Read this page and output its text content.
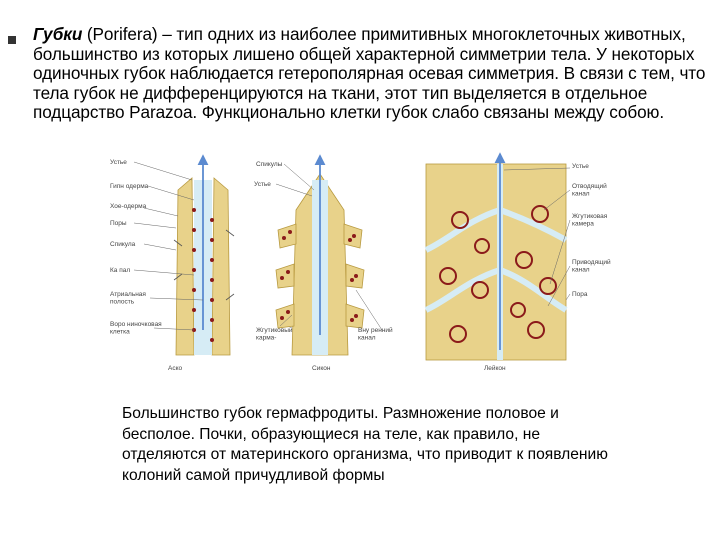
Губки (Porifera) – тип одних из наиболее примитивных многоклеточных животных, большинство из которых лишено общей характерной симметрии тела. У некоторых одиночных губок наблюдается гетерополярная осевая симметрия. В связи с тем, что тела губок не дифференцируются на ткани, этот тип выделяется в отдельное подцарство Parazoa. Функционально клетки губок слабо связаны между собою.
Устье
Гипн одерма
Хое-одерма
Поры
Спикула
Ка пал
Атриальная полость
Воро ниночковая клетка
Аско
Спикулы
Устье
Жгутиковый карма-
Вну ренний канал
Сикон
Устье
Отводящий канал
Жгутиковая камера
Приводящий канал
Пора
Лейкон
Большинство губок гермафродиты. Размножение половое и бесполое. Почки, образующиеся на теле, как правило, не отделяются от материнского организма, что приводит к появлению колоний самой причудливой формы
